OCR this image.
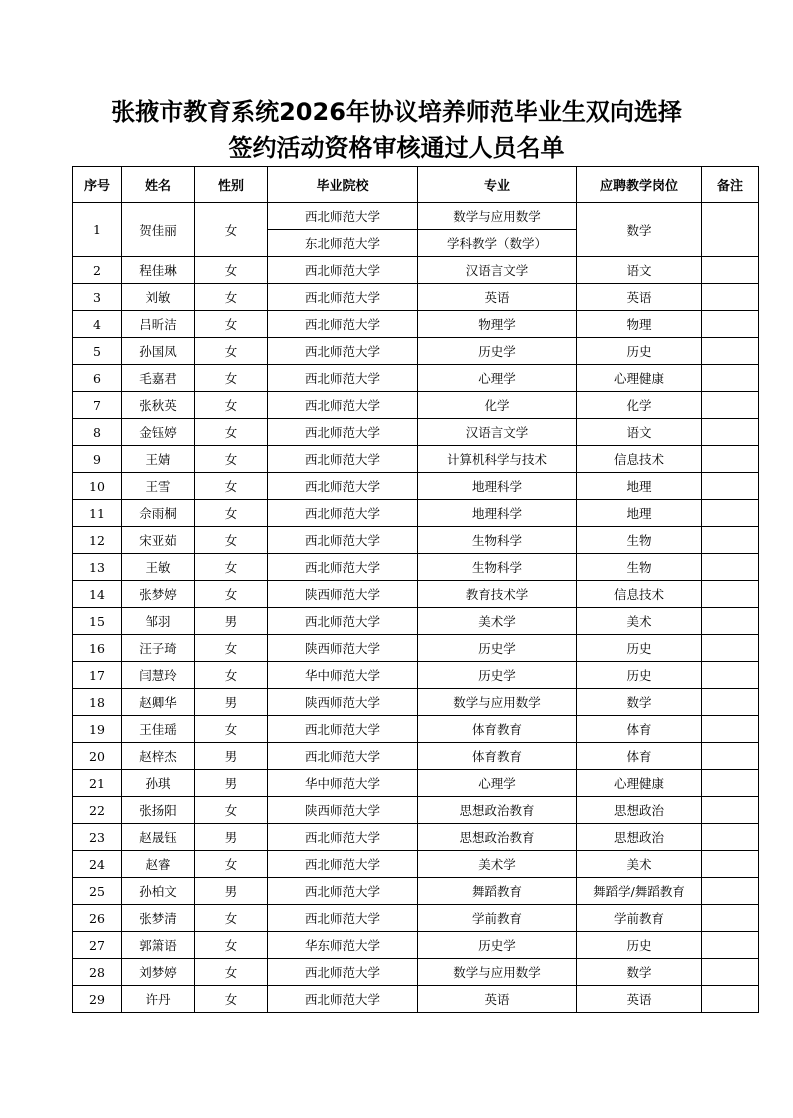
张掖市教育系统2026年协议培养师范毕业生双向选择
签约活动资格审核通过人员名单
序号	姓名	性别	毕业院校	专业	应聘教学岗位	备注
1	贺佳丽	女	西北师范大学	数学与应用数学	数学	
			东北师范大学	学科教学（数学）		
2	程佳琳	女	西北师范大学	汉语言文学	语文	
3	刘敏	女	西北师范大学	英语	英语	
4	吕昕洁	女	西北师范大学	物理学	物理	
5	孙国凤	女	西北师范大学	历史学	历史	
6	毛嘉君	女	西北师范大学	心理学	心理健康	
7	张秋英	女	西北师范大学	化学	化学	
8	金钰婷	女	西北师范大学	汉语言文学	语文	
9	王婧	女	西北师范大学	计算机科学与技术	信息技术	
10	王雪	女	西北师范大学	地理科学	地理	
11	佘雨桐	女	西北师范大学	地理科学	地理	
12	宋亚茹	女	西北师范大学	生物科学	生物	
13	王敏	女	西北师范大学	生物科学	生物	
14	张梦婷	女	陕西师范大学	教育技术学	信息技术	
15	邹羽	男	西北师范大学	美术学	美术	
16	汪子琦	女	陕西师范大学	历史学	历史	
17	闫慧玲	女	华中师范大学	历史学	历史	
18	赵卿华	男	陕西师范大学	数学与应用数学	数学	
19	王佳瑶	女	西北师范大学	体育教育	体育	
20	赵梓杰	男	西北师范大学	体育教育	体育	
21	孙琪	男	华中师范大学	心理学	心理健康	
22	张扬阳	女	陕西师范大学	思想政治教育	思想政治	
23	赵晟钰	男	西北师范大学	思想政治教育	思想政治	
24	赵睿	女	西北师范大学	美术学	美术	
25	孙柏文	男	西北师范大学	舞蹈教育	舞蹈学/舞蹈教育	
26	张梦清	女	西北师范大学	学前教育	学前教育	
27	郭箫语	女	华东师范大学	历史学	历史	
28	刘梦婷	女	西北师范大学	数学与应用数学	数学	
29	许丹	女	西北师范大学	英语	英语	
